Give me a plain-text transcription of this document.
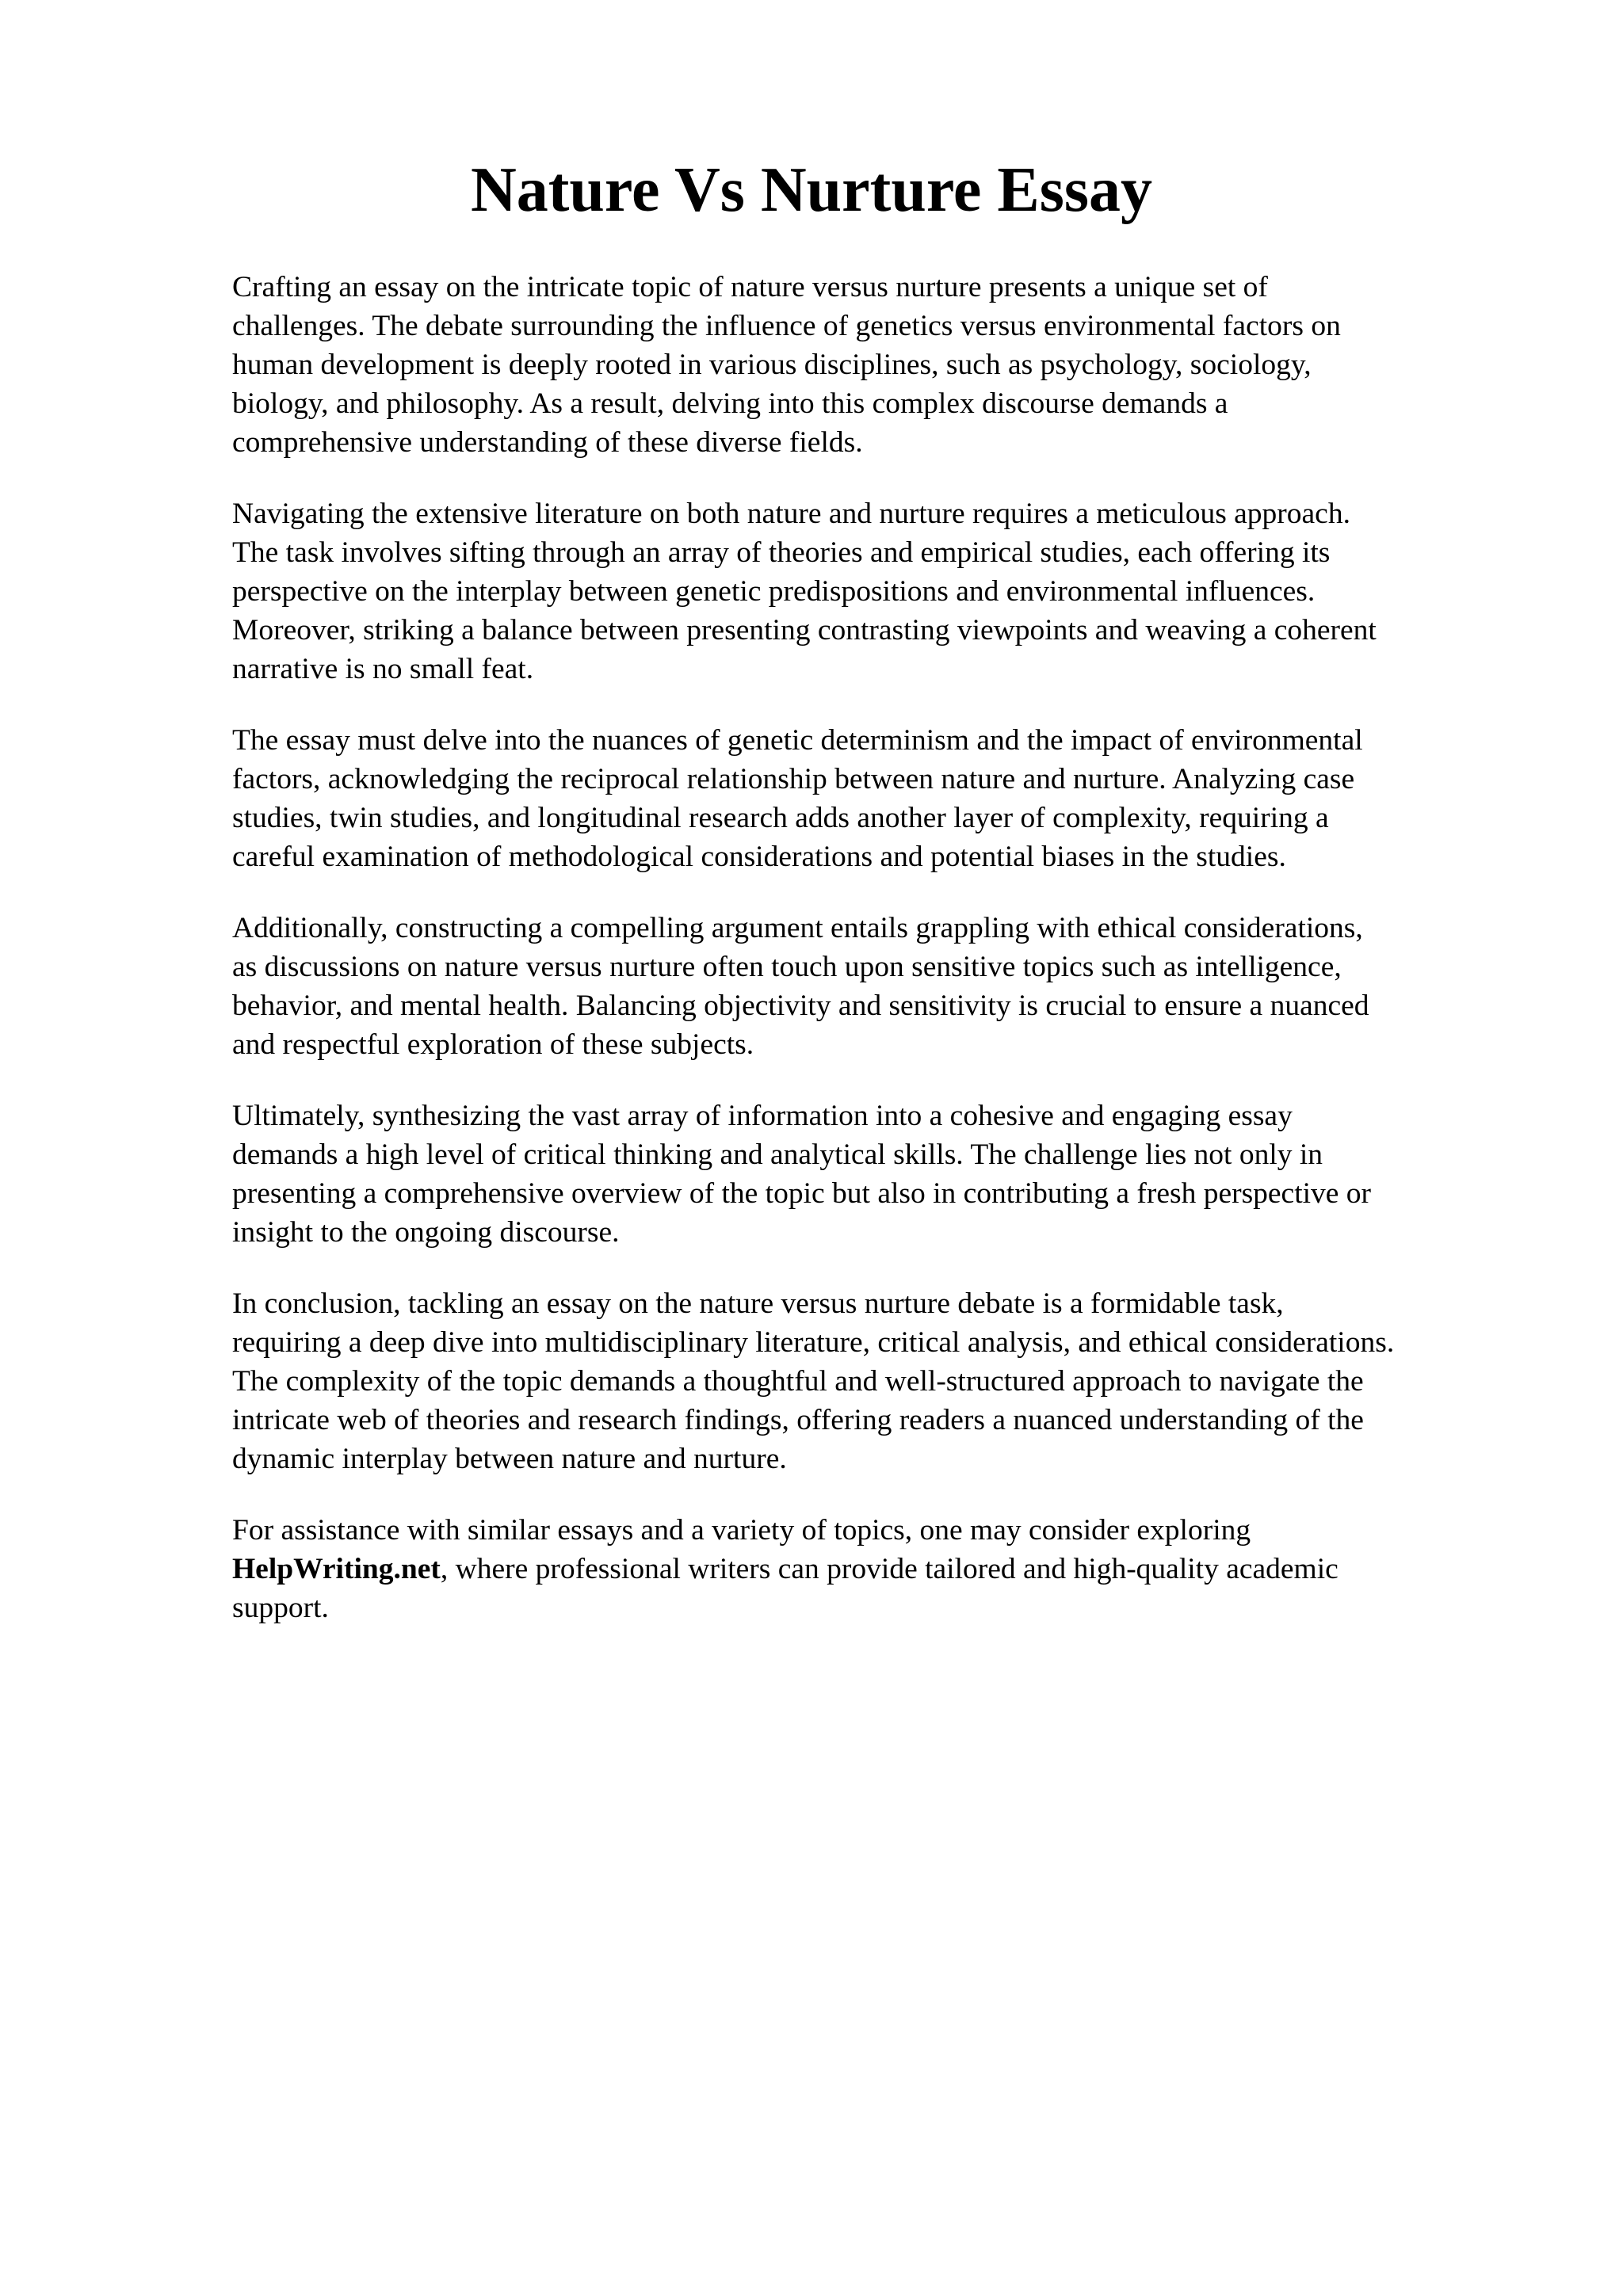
Nature Vs Nurture Essay

Crafting an essay on the intricate topic of nature versus nurture presents a unique set of
challenges. The debate surrounding the influence of genetics versus environmental factors on
human development is deeply rooted in various disciplines, such as psychology, sociology,
biology, and philosophy. As a result, delving into this complex discourse demands a
comprehensive understanding of these diverse fields.

Navigating the extensive literature on both nature and nurture requires a meticulous approach.
The task involves sifting through an array of theories and empirical studies, each offering its
perspective on the interplay between genetic predispositions and environmental influences.
Moreover, striking a balance between presenting contrasting viewpoints and weaving a coherent
narrative is no small feat.

The essay must delve into the nuances of genetic determinism and the impact of environmental
factors, acknowledging the reciprocal relationship between nature and nurture. Analyzing case
studies, twin studies, and longitudinal research adds another layer of complexity, requiring a
careful examination of methodological considerations and potential biases in the studies.

Additionally, constructing a compelling argument entails grappling with ethical considerations,
as discussions on nature versus nurture often touch upon sensitive topics such as intelligence,
behavior, and mental health. Balancing objectivity and sensitivity is crucial to ensure a nuanced
and respectful exploration of these subjects.

Ultimately, synthesizing the vast array of information into a cohesive and engaging essay
demands a high level of critical thinking and analytical skills. The challenge lies not only in
presenting a comprehensive overview of the topic but also in contributing a fresh perspective or
insight to the ongoing discourse.

In conclusion, tackling an essay on the nature versus nurture debate is a formidable task,
requiring a deep dive into multidisciplinary literature, critical analysis, and ethical considerations.
The complexity of the topic demands a thoughtful and well-structured approach to navigate the
intricate web of theories and research findings, offering readers a nuanced understanding of the
dynamic interplay between nature and nurture.

For assistance with similar essays and a variety of topics, one may consider exploring
HelpWriting.net, where professional writers can provide tailored and high-quality academic
support.
